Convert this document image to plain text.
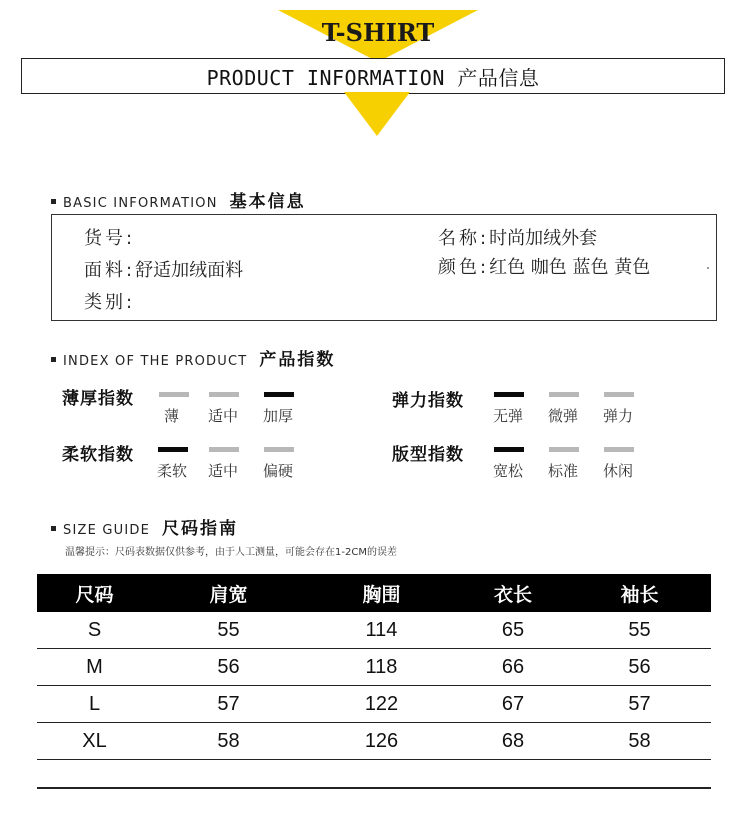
T-SHIRT
PRODUCT INFORMATION 产品信息
BASIC INFORMATION 基本信息
货号:
面料:舒适加绒面料
类别:
名称:时尚加绒外套
颜色:红色 咖色 蓝色 黄色
INDEX OF THE PRODUCT 产品指数
薄厚指数
薄	适中	加厚
弹力指数
无弹	微弹	弹力
柔软指数
柔软	适中	偏硬
版型指数
宽松	标准	休闲
SIZE GUIDE 尺码指南
温馨提示：尺码表数据仅供参考，由于人工测量，可能会存在1-2CM的误差
尺码	肩宽	胸围	衣长	袖长
S	55	114	65	55
M	56	118	66	56
L	57	122	67	57
XL	58	126	68	58
